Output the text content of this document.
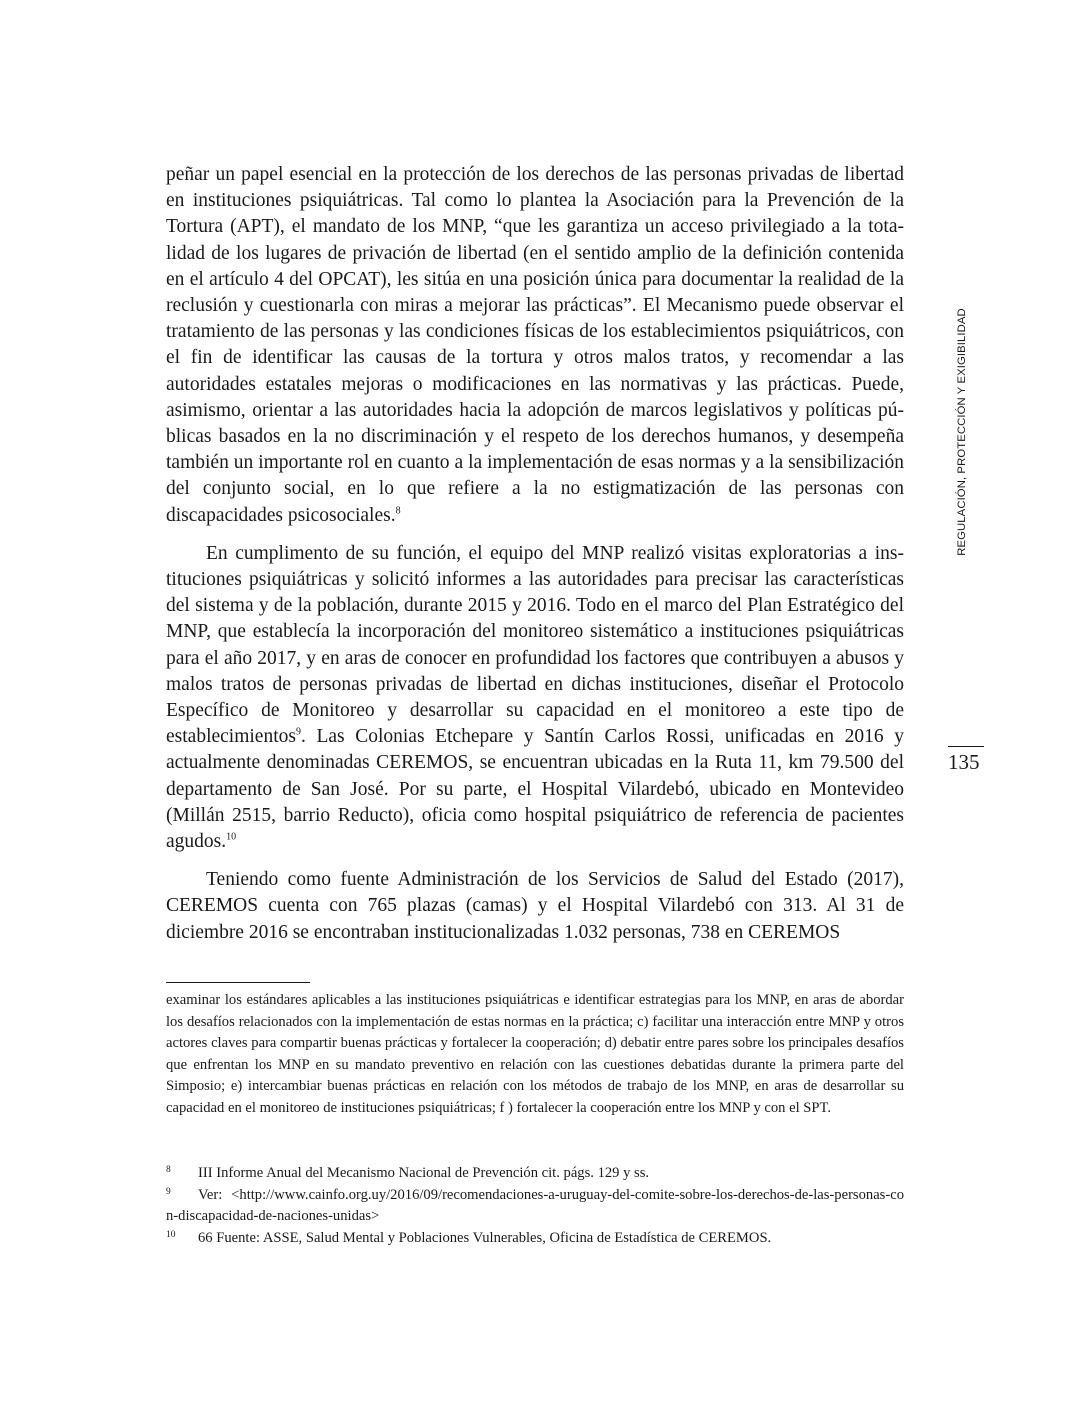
peñar un papel esencial en la protección de los derechos de las personas privadas de libertad en instituciones psiquiátricas. Tal como lo plantea la Asociación para la Prevención de la Tortura (APT), el mandato de los MNP, “que les garantiza un acceso privilegiado a la totalidad de los lugares de privación de libertad (en el sentido amplio de la definición contenida en el artículo 4 del OPCAT), les sitúa en una posición única para documentar la realidad de la reclusión y cuestionarla con miras a mejorar las prácticas”. El Mecanismo puede observar el tratamiento de las personas y las condiciones físicas de los establecimientos psiquiátricos, con el fin de identificar las causas de la tortura y otros malos tratos, y recomendar a las autoridades estatales mejoras o modificaciones en las normativas y las prácticas. Puede, asimismo, orientar a las autoridades hacia la adopción de marcos legislativos y políticas públicas basados en la no discriminación y el respeto de los derechos humanos, y desempeña también un importante rol en cuanto a la implementación de esas normas y a la sensibilización del conjunto social, en lo que refiere a la no estigmatización de las personas con discapacidades psicosociales.$^8$

En cumplimento de su función, el equipo del MNP realizó visitas exploratorias a instituciones psiquiátricas y solicitó informes a las autoridades para precisar las características del sistema y de la población, durante 2015 y 2016. Todo en el marco del Plan Estratégico del MNP, que establecía la incorporación del monitoreo sistemático a instituciones psiquiátricas para el año 2017, y en aras de conocer en profundidad los factores que contribuyen a abusos y malos tratos de personas privadas de libertad en dichas instituciones, diseñar el Protocolo Específico de Monitoreo y desarrollar su capacidad en el monitoreo a este tipo de establecimientos$^9$. Las Colonias Etchepare y Santín Carlos Rossi, unificadas en 2016 y actualmente denominadas CEREMOS, se encuentran ubicadas en la Ruta 11, km 79.500 del departamento de San José. Por su parte, el Hospital Vilardebó, ubicado en Montevideo (Millán 2515, barrio Reducto), oficia como hospital psiquiátrico de referencia de pacientes agudos.$^{10}$

Teniendo como fuente Administración de los Servicios de Salud del Estado (2017), CEREMOS cuenta con 765 plazas (camas) y el Hospital Vilardebó con 313. Al 31 de diciembre 2016 se encontraban institucionalizadas 1.032 personas, 738 en CEREMOS

examinar los estándares aplicables a las instituciones psiquiátricas e identificar estrategias para los MNP, en aras de abordar los desafíos relacionados con la implementación de estas normas en la práctica; c) facilitar una interacción entre MNP y otros actores claves para compartir buenas prácticas y fortalecer la cooperación; d) debatir entre pares sobre los principales desafíos que enfrentan los MNP en su mandato preventivo en relación con las cuestiones debatidas durante la primera parte del Simposio; e) intercambiar buenas prácticas en relación con los métodos de trabajo de los MNP, en aras de desarrollar su capacidad en el monitoreo de instituciones psiquiátricas; f ) fortalecer la cooperación entre los MNP y con el SPT.

8	III Informe Anual del Mecanismo Nacional de Prevención cit. págs. 129 y ss.

9	Ver: <http://www.cainfo.org.uy/2016/09/recomendaciones-a-uruguay-del-comite-sobre-los-derechos-de-las-personas-con-discapacidad-de-naciones-unidas>

10	66 Fuente: ASSE, Salud Mental y Poblaciones Vulnerables, Oficina de Estadística de CEREMOS.

REGULACIÓN, PROTECCIÓN Y EXIGIBILIDAD
135
